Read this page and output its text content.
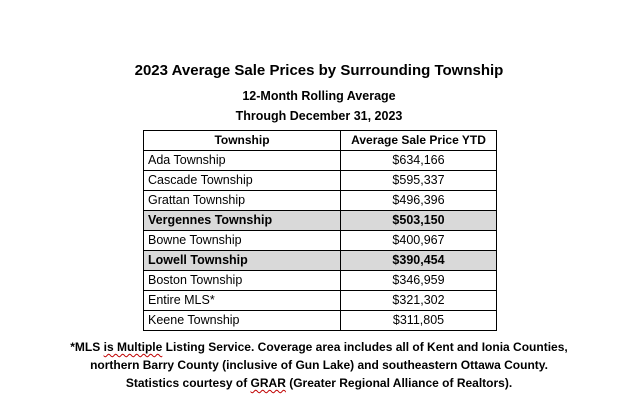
2023 Average Sale Prices by Surrounding Township
12-Month Rolling Average
Through December 31, 2023
Township	Average Sale Price YTD
Ada Township	$634,166
Cascade Township	$595,337
Grattan Township	$496,396
Vergennes Township	$503,150
Bowne Township	$400,967
Lowell Township	$390,454
Boston Township	$346,959
Entire MLS*	$321,302
Keene Township	$311,805
*MLS is Multiple Listing Service. Coverage area includes all of Kent and Ionia Counties,
northern Barry County (inclusive of Gun Lake) and southeastern Ottawa County.
Statistics courtesy of GRAR (Greater Regional Alliance of Realtors).
